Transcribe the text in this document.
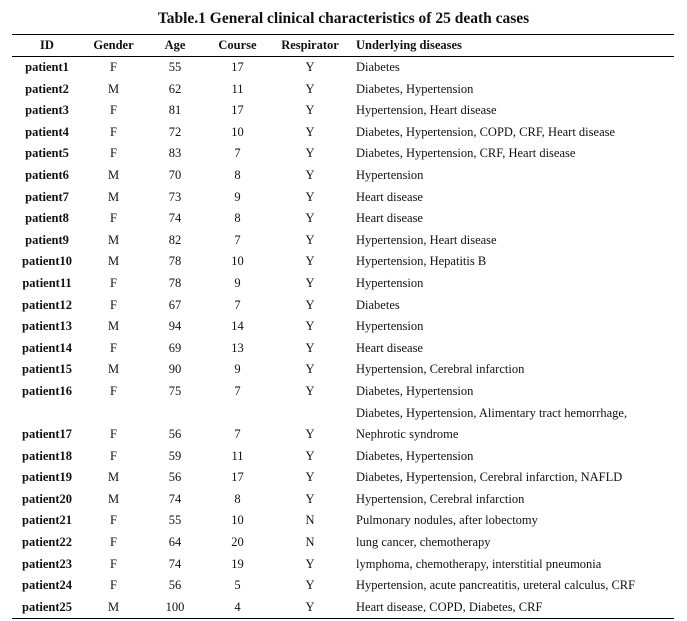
Table.1 General clinical characteristics of 25 death cases
ID	Gender	Age	Course	Respirator	Underlying diseases
patient1	F	55	17	Y	Diabetes

patient2	M	62	11	Y	Diabetes, Hypertension

patient3	F	81	17	Y	Hypertension, Heart disease

patient4	F	72	10	Y	Diabetes, Hypertension, COPD, CRF, Heart disease

patient5	F	83	7	Y	Diabetes, Hypertension, CRF, Heart disease

patient6	M	70	8	Y	Hypertension

patient7	M	73	9	Y	Heart disease

patient8	F	74	8	Y	Heart disease

patient9	M	82	7	Y	Hypertension, Heart disease

patient10	M	78	10	Y	Hypertension, Hepatitis B

patient11	F	78	9	Y	Hypertension

patient12	F	67	7	Y	Diabetes

patient13	M	94	14	Y	Hypertension

patient14	F	69	13	Y	Heart disease

patient15	M	90	9	Y	Hypertension, Cerebral infarction

patient16	F	75	7	Y	Diabetes, Hypertension

patient17	F	56	7	Y	Diabetes, Hypertension, Alimentary tract hemorrhage,
Nephrotic syndrome

patient18	F	59	11	Y	Diabetes, Hypertension

patient19	M	56	17	Y	Diabetes, Hypertension, Cerebral infarction, NAFLD

patient20	M	74	8	Y	Hypertension, Cerebral infarction

patient21	F	55	10	N	Pulmonary nodules, after lobectomy

patient22	F	64	20	N	lung cancer, chemotherapy

patient23	F	74	19	Y	lymphoma, chemotherapy, interstitial pneumonia

patient24	F	56	5	Y	Hypertension, acute pancreatitis, ureteral calculus, CRF

patient25	M	100	4	Y	Heart disease, COPD, Diabetes, CRF
